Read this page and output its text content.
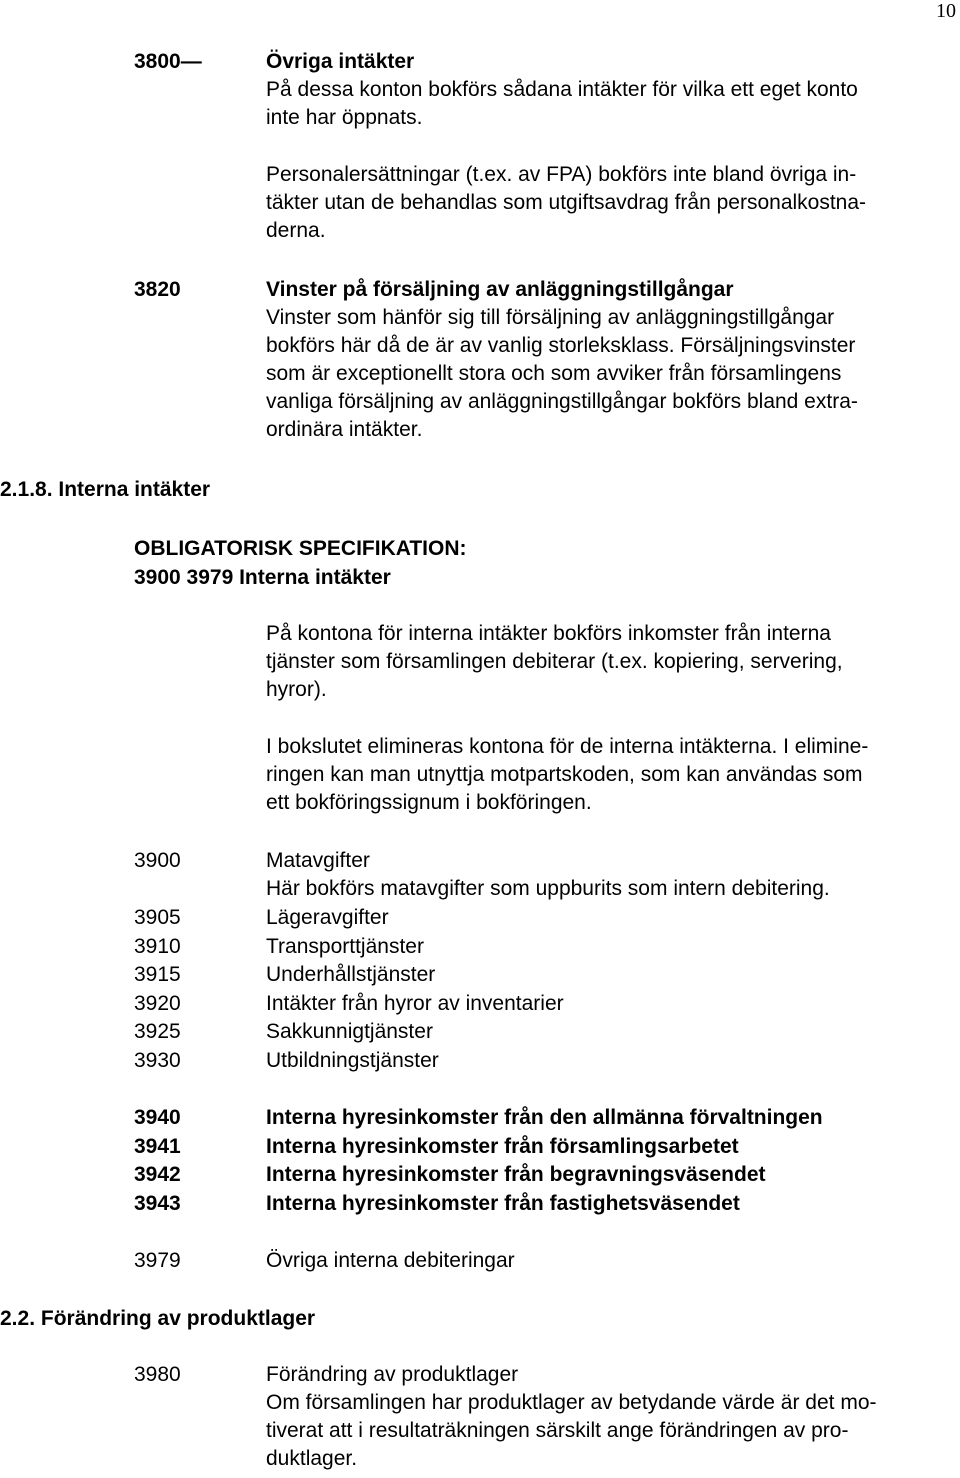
10
3800—	Övriga intäkter
På dessa konton bokförs sådana intäkter för vilka ett eget konto
inte har öppnats.
Personalersättningar (t.ex. av FPA) bokförs inte bland övriga in-
täkter utan de behandlas som utgiftsavdrag från personalkostna-
derna.
3820	Vinster på försäljning av anläggningstillgångar
Vinster som hänför sig till försäljning av anläggningstillgångar
bokförs här då de är av vanlig storleksklass. Försäljningsvinster
som är exceptionellt stora och som avviker från församlingens
vanliga försäljning av anläggningstillgångar bokförs bland extra-
ordinära intäkter.
2.1.8. Interna intäkter
OBLIGATORISK SPECIFIKATION:
3900 3979 Interna intäkter
På kontona för interna intäkter bokförs inkomster från interna
tjänster som församlingen debiterar (t.ex. kopiering, servering,
hyror).
I bokslutet elimineras kontona för de interna intäkterna. I elimine-
ringen kan man utnyttja motpartskoden, som kan användas som
ett bokföringssignum i bokföringen.
3900	Matavgifter
Här bokförs matavgifter som uppburits som intern debitering.
3905	Lägeravgifter
3910	Transporttjänster
3915	Underhållstjänster
3920	Intäkter från hyror av inventarier
3925	Sakkunnigtjänster
3930	Utbildningstjänster
3940	Interna hyresinkomster från den allmänna förvaltningen
3941	Interna hyresinkomster från församlingsarbetet
3942	Interna hyresinkomster från begravningsväsendet
3943	Interna hyresinkomster från fastighetsväsendet
3979	Övriga interna debiteringar
2.2. Förändring av produktlager
3980	Förändring av produktlager
Om församlingen har produktlager av betydande värde är det mo-
tiverat att i resultaträkningen särskilt ange förändringen av pro-
duktlager.
